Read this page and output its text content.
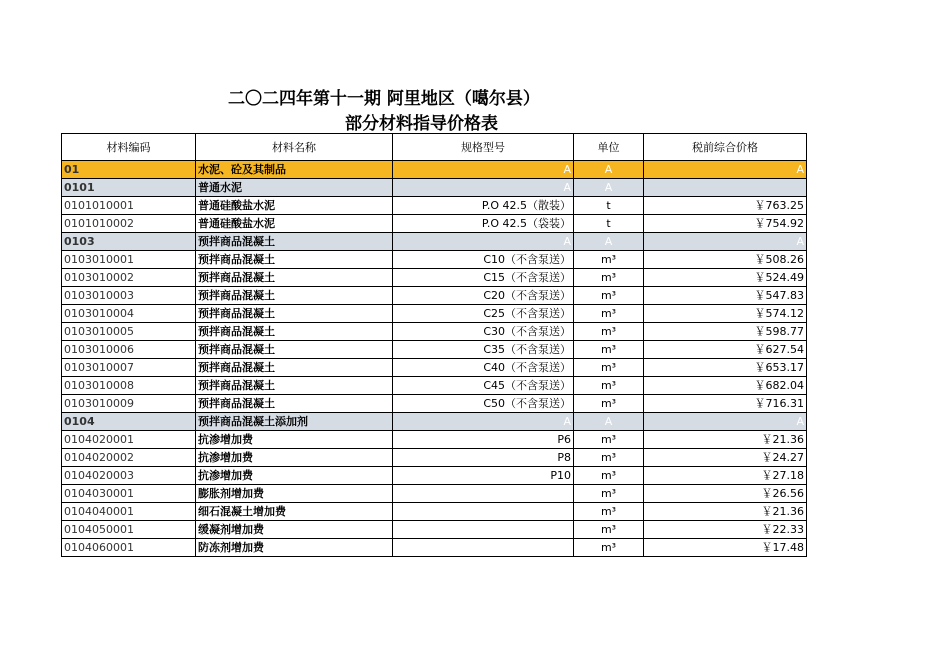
二〇二四年第十一期 阿里地区（噶尔县）
部分材料指导价格表
材料编码	材料名称	规格型号	单位	税前综合价格
01	水泥、砼及其制品	A	A	A
0101	普通水泥	A	A	
0101010001	普通硅酸盐水泥	P.O 42.5（散装）	t	￥763.25
0101010002	普通硅酸盐水泥	P.O 42.5（袋装）	t	￥754.92
0103	预拌商品混凝土	A	A	A
0103010001	预拌商品混凝土	C10（不含泵送）	m³	￥508.26
0103010002	预拌商品混凝土	C15（不含泵送）	m³	￥524.49
0103010003	预拌商品混凝土	C20（不含泵送）	m³	￥547.83
0103010004	预拌商品混凝土	C25（不含泵送）	m³	￥574.12
0103010005	预拌商品混凝土	C30（不含泵送）	m³	￥598.77
0103010006	预拌商品混凝土	C35（不含泵送）	m³	￥627.54
0103010007	预拌商品混凝土	C40（不含泵送）	m³	￥653.17
0103010008	预拌商品混凝土	C45（不含泵送）	m³	￥682.04
0103010009	预拌商品混凝土	C50（不含泵送）	m³	￥716.31
0104	预拌商品混凝土添加剂	A	A	A
0104020001	抗渗增加费	P6	m³	￥21.36
0104020002	抗渗增加费	P8	m³	￥24.27
0104020003	抗渗增加费	P10	m³	￥27.18
0104030001	膨胀剂增加费		m³	￥26.56
0104040001	细石混凝土增加费		m³	￥21.36
0104050001	缓凝剂增加费		m³	￥22.33
0104060001	防冻剂增加费		m³	￥17.48
